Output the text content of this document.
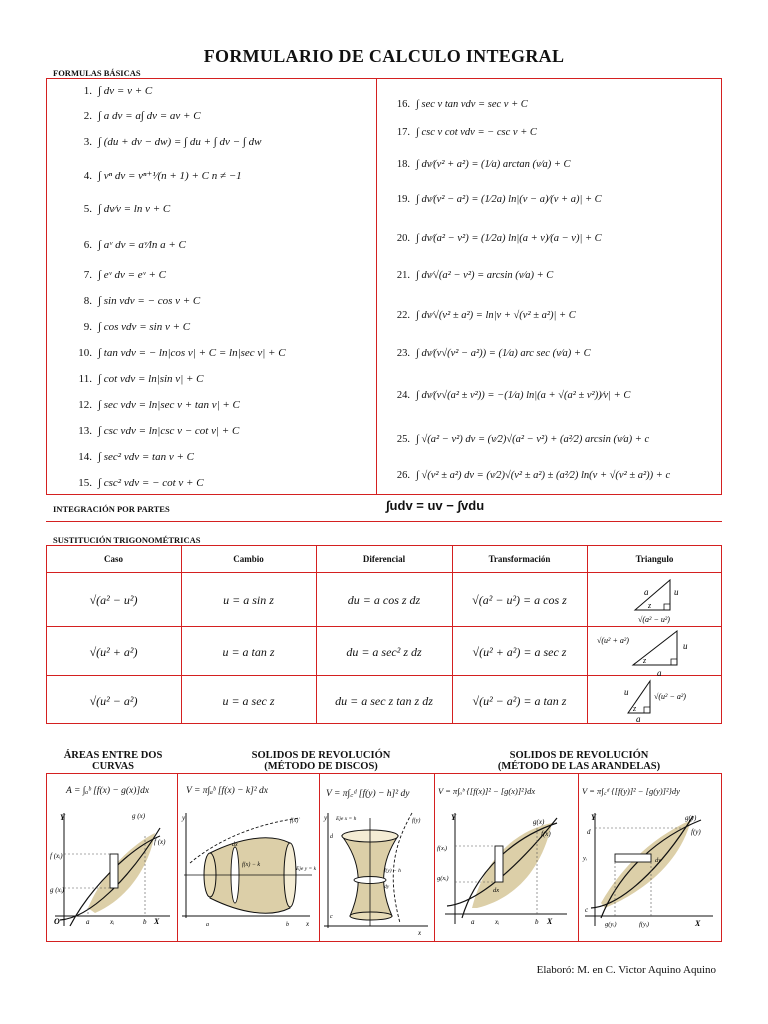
FORMULARIO DE CALCULO INTEGRAL
FORMULAS BÁSICAS
1. ∫ dv = v + C
2. ∫ a dv = a∫ dv = av + C
3. ∫ (du + dv − dw) = ∫ du + ∫ dv − ∫ dw
4. ∫ vⁿ dv = vⁿ⁺¹⁄(n + 1) + C n ≠ −1
5. ∫ dv⁄v = ln v + C
6. ∫ aᵛ dv = aᵛ⁄ln a + C
7. ∫ eᵛ dv = eᵛ + C
8. ∫ sin vdv = − cos v + C
9. ∫ cos vdv = sin v + C
10. ∫ tan vdv = − ln|cos v| + C = ln|sec v| + C
11. ∫ cot vdv = ln|sin v| + C
12. ∫ sec vdv = ln|sec v + tan v| + C
13. ∫ csc vdv = ln|csc v − cot v| + C
14. ∫ sec² vdv = tan v + C
15. ∫ csc² vdv = − cot v + C
16. ∫ sec v tan vdv = sec v + C
17. ∫ csc v cot vdv = − csc v + C
18. ∫ dv⁄(v² + a²) = (1⁄a) arctan (v⁄a) + C
19. ∫ dv⁄(v² − a²) = (1⁄2a) ln|(v − a)⁄(v + a)| + C
20. ∫ dv⁄(a² − v²) = (1⁄2a) ln|(a + v)⁄(a − v)| + C
21. ∫ dv⁄√(a² − v²) = arcsin (v⁄a) + C
22. ∫ dv⁄√(v² ± a²) = ln|v + √(v² ± a²)| + C
23. ∫ dv⁄(v√(v² − a²)) = (1⁄a) arc sec (v⁄a) + C
24. ∫ dv⁄(v√(a² ± v²)) = −(1⁄a) ln|(a + √(a² ± v²))⁄v| + C
25. ∫ √(a² − v²) dv = (v⁄2)√(a² − v²) + (a²⁄2) arcsin (v⁄a) + c
26. ∫ √(v² ± a²) dv = (v⁄2)√(v² ± a²) ± (a²⁄2) ln(v + √(v² ± a²)) + c
INTEGRACIÓN POR PARTES	∫udv = uv − ∫vdu
SUSTITUCIÓN TRIGONOMÉTRICAS
Caso	Cambio	Diferencial	Transformación	Triangulo
√(a² − u²)	u = a sin z	du = a cos z dz	√(a² − u²) = a cos z
a	u
z
√(a² − u²)
√(u² + a²)	u = a tan z	du = a sec² z dz	√(u² + a²) = a sec z
√(u² + a²)
u
z
a
√(u² − a²)	u = a sec z	du = a sec z tan z dz	√(u² − a²) = a tan z
u	√(u² − a²)
z
a
ÁREAS ENTRE DOS CURVAS
SOLIDOS DE REVOLUCIÓN
(MÉTODO DE DISCOS)
SOLIDOS DE REVOLUCIÓN
(MÉTODO DE LAS ARANDELAS)
A = ∫ₐᵇ [f(x) − g(x)]dx	V = π∫ₐᵇ [f(x) − k]² dx	V = π∫꜀ᵈ [f(y) − h]² dy	V = π∫ₐᵇ {[f(x)]² − [g(x)]²}dx	V = π∫꜀ᵈ {[f(y)]² − [g(y)]²}dy
Y	g (x)
f (x)
f (xᵢ)
g (xᵢ)
O	a	xᵢ	b X
y	f(x)
dx
f(x) − k
Eje y = k
a	b x
y Eje x = h	f(y)
d
f(y) − h
dy
c
x
Y
f(x)
g(x)
f(xᵢ)
g(xᵢ)
dx
a	xᵢ	b X
Y
d
g(y)
f(y)
yᵢ	dy
c
g(yᵢ)	f(yᵢ)	X
Elaboró: M. en C. Victor Aquino Aquino
